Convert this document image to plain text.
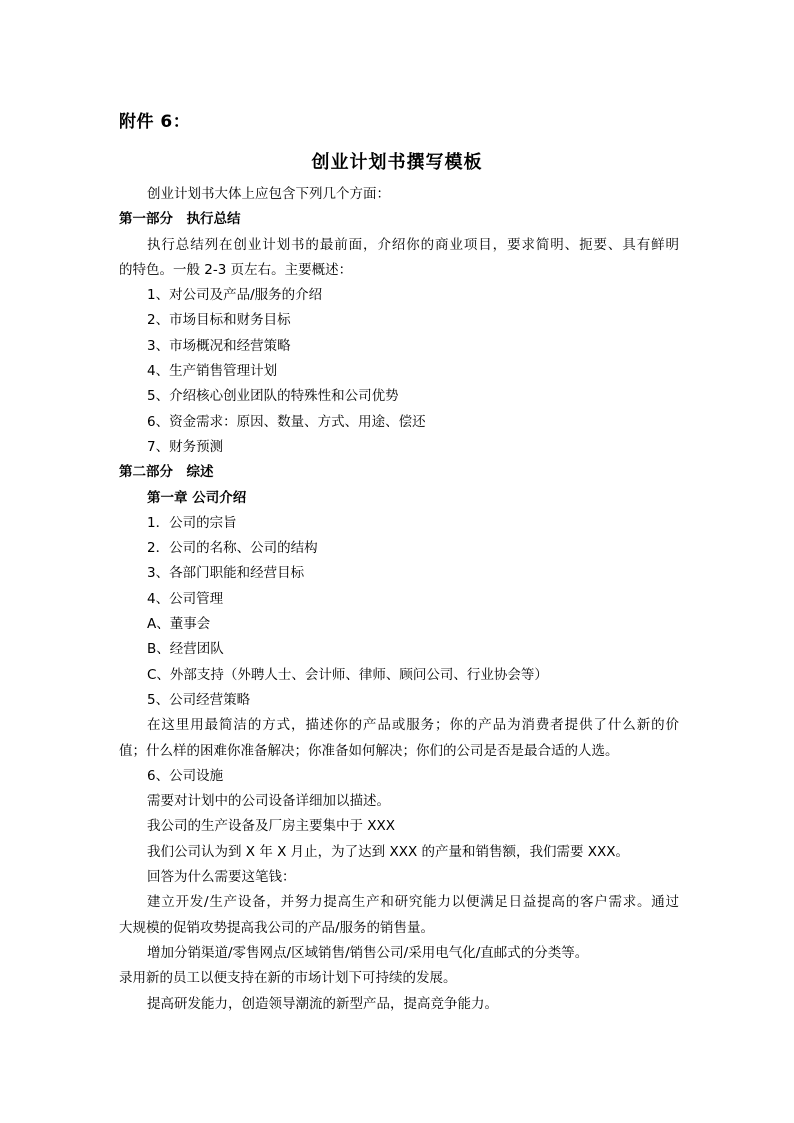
附件 6：
创业计划书撰写模板
创业计划书大体上应包含下列几个方面：
第一部分　执行总结
执行总结列在创业计划书的最前面，介绍你的商业项目，要求简明、扼要、具有鲜明
的特色。一般 2-3 页左右。主要概述：
1、对公司及产品/服务的介绍
2、市场目标和财务目标
3、市场概况和经营策略
4、生产销售管理计划
5、介绍核心创业团队的特殊性和公司优势
6、资金需求：原因、数量、方式、用途、偿还
7、财务预测
第二部分　综述
第一章 公司介绍
1．公司的宗旨
2．公司的名称、公司的结构
3、各部门职能和经营目标
4、公司管理
A、董事会
B、经营团队
C、外部支持（外聘人士、会计师、律师、顾问公司、行业协会等）
5、公司经营策略
在这里用最简洁的方式，描述你的产品或服务；你的产品为消费者提供了什么新的价
值；什么样的困难你准备解决；你准备如何解决；你们的公司是否是最合适的人选。
6、公司设施
需要对计划中的公司设备详细加以描述。
我公司的生产设备及厂房主要集中于 XXX
我们公司认为到 X 年 X 月止，为了达到 XXX 的产量和销售额，我们需要 XXX。
回答为什么需要这笔钱：
建立开发/生产设备，并努力提高生产和研究能力以便满足日益提高的客户需求。通过
大规模的促销攻势提高我公司的产品/服务的销售量。
增加分销渠道/零售网点/区域销售/销售公司/采用电气化/直邮式的分类等。
录用新的员工以便支持在新的市场计划下可持续的发展。
提高研发能力，创造领导潮流的新型产品，提高竞争能力。
